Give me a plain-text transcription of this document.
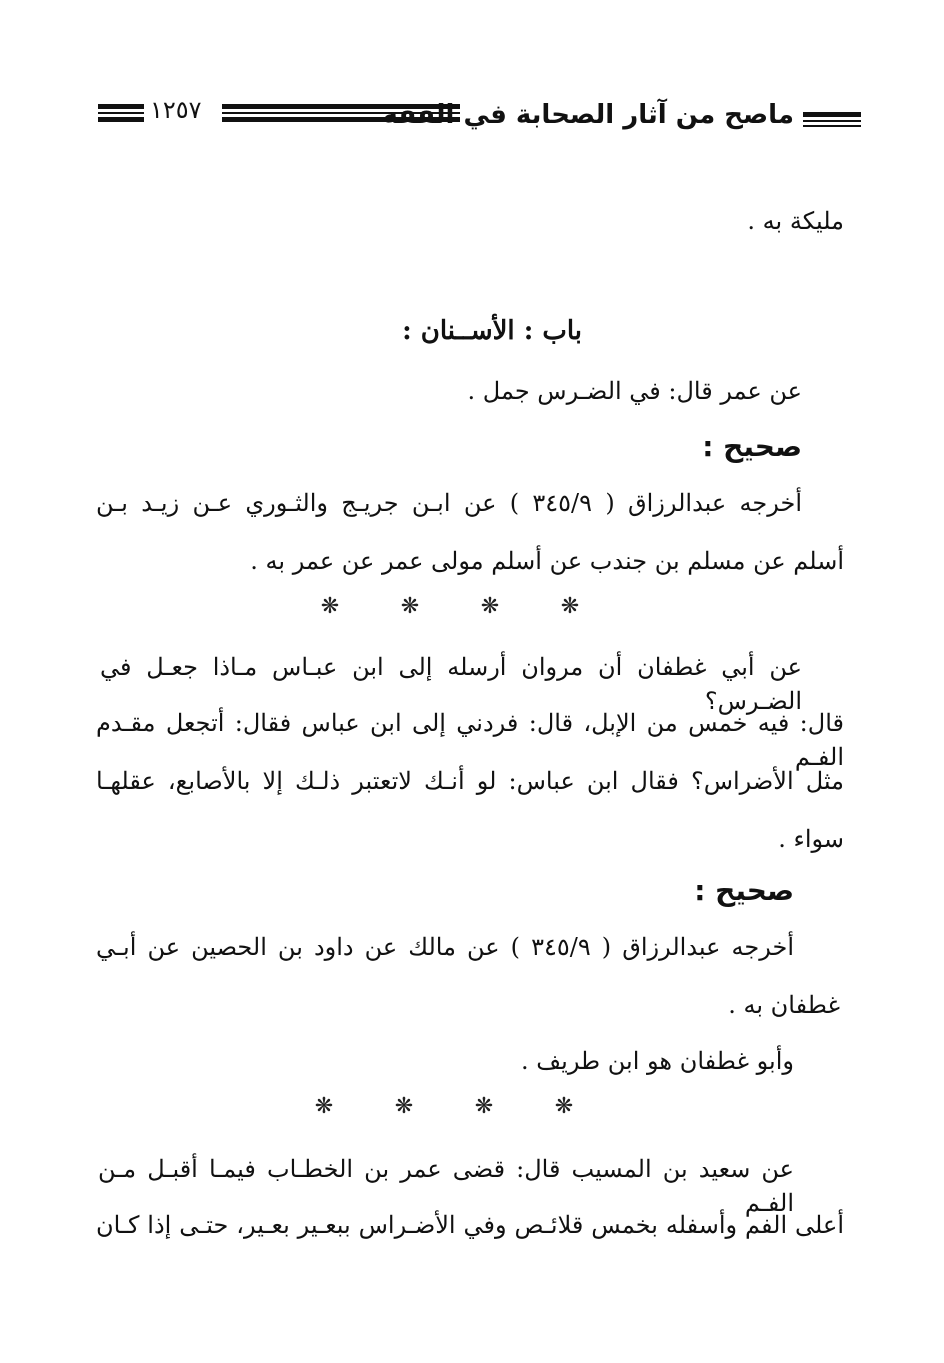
ماصح من آثار الصحابة في الفقه
١٢٥٧
مليكة به .
باب : الأســنان :
عن عمر قال: في الضـرس جمل .
صحيح :
أخرجه عبدالرزاق ( ٣٤٥/٩ ) عن ابـن جريـج والثـوري عـن زيـد بـن
أسلم عن مسلم بن جندب عن أسلم مولى عمر عن عمر به .
❋❋❋❋
عن أبي غطفان أن مروان أرسله إلى ابن عبـاس مـاذا جعـل في الضـرس؟
قال: فيه خمس من الإبل، قال: فردني إلى ابن عباس فقال: أتجعل مقـدم الفـم
مثل الأضراس؟ فقال ابن عباس: لو أنـك لاتعتبر ذلـك إلا بالأصابع، عقلهـا
سواء .
صحيح :
أخرجه عبدالرزاق ( ٣٤٥/٩ ) عن مالك عن داود بن الحصين عن أبـي
غطفان به .
وأبو غطفان هو ابن طريف .
❋❋❋❋
عن سعيد بن المسيب قال: قضى عمر بن الخطـاب فيمـا أقبـل مـن الفـم
أعلى الفم وأسفله بخمس قلائـص وفي الأضـراس ببعـير بعـير، حتـى إذا كـان
